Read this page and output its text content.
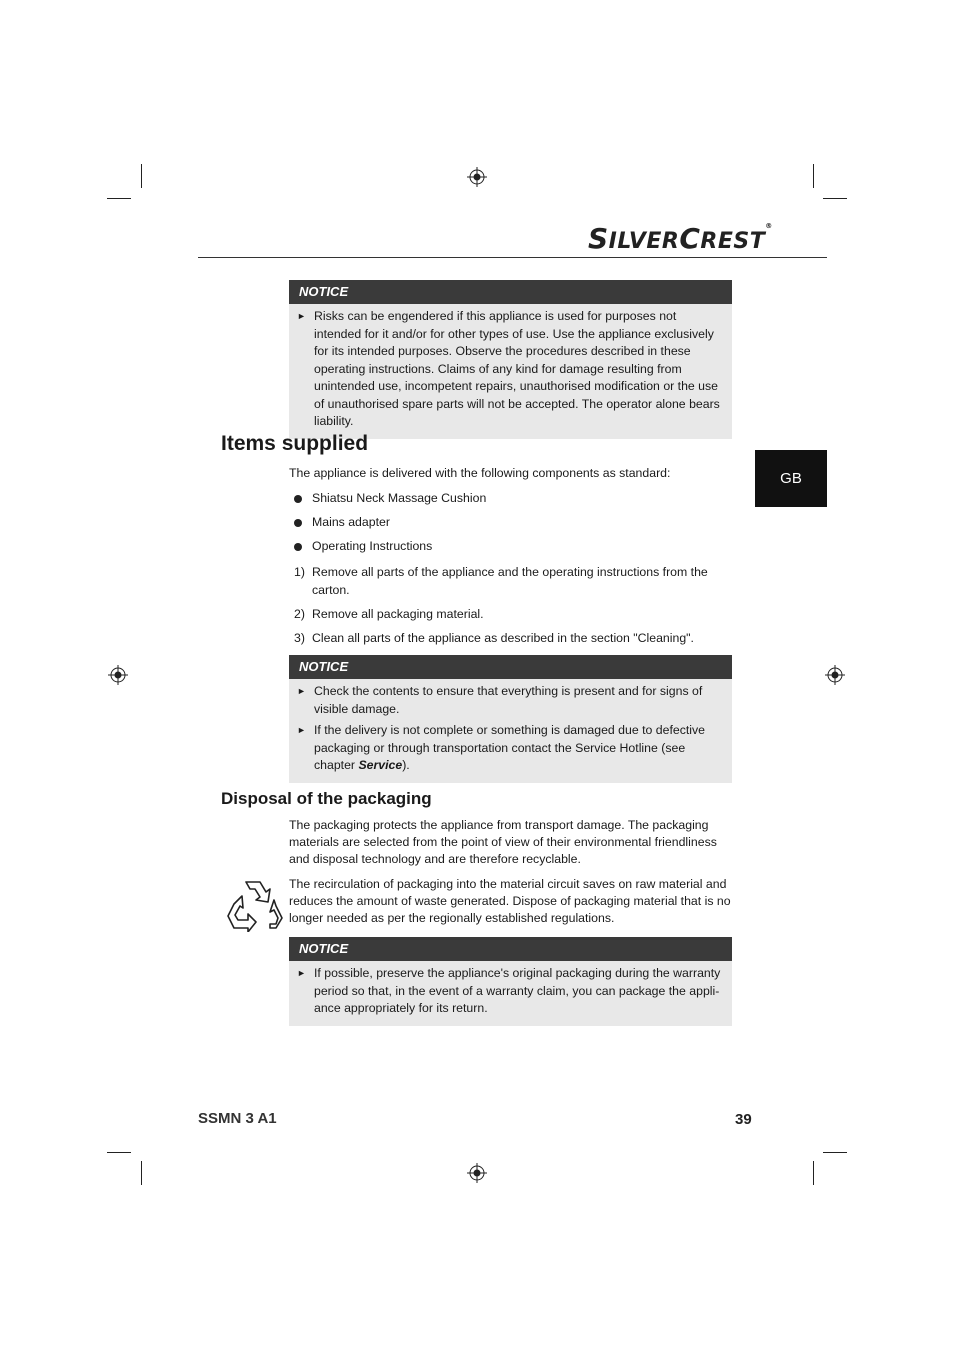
SILVERCREST®
GB
NOTICE
► Risks can be engendered if this appliance is used for purposes not intended for it and/or for other types of use. Use the appliance exclusively for its intended purposes. Observe the procedures described in these operating instructions. Claims of any kind for damage resulting from unintended use, incompetent repairs, unauthorised modification or the use of unauthorised spare parts will not be accepted. The operator alone bears liability.
Items supplied
The appliance is delivered with the following components as standard:
Shiatsu Neck Massage Cushion
Mains adapter
Operating Instructions
1) Remove all parts of the appliance and the operating instructions from the carton.
2) Remove all packaging material.
3) Clean all parts of the appliance as described in the section "Cleaning".
NOTICE
► Check the contents to ensure that everything is present and for signs of visible damage.
► If the delivery is not complete or something is damaged due to defective packaging or through transportation contact the Service Hotline (see chapter Service).
Disposal of the packaging
The packaging protects the appliance from transport damage. The packaging materials are selected from the point of view of their environmental friendliness and disposal technology and are therefore recyclable.
The recirculation of packaging into the material circuit saves on raw material and reduces the amount of waste generated. Dispose of packaging material that is no longer needed as per the regionally established regulations.
NOTICE
► If possible, preserve the appliance's original packaging during the warranty period so that, in the event of a warranty claim, you can package the appli-ance appropriately for its return.
SSMN 3 A1	39
